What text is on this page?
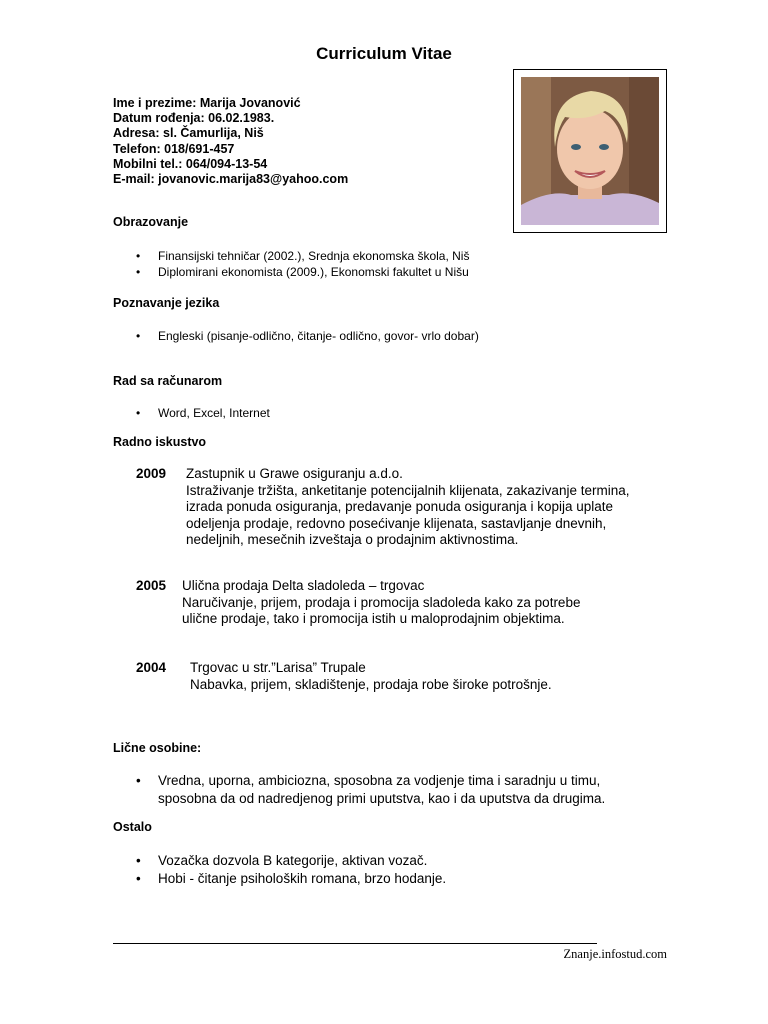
Curriculum Vitae
Ime i prezime: Marija Jovanović
Datum rođenja: 06.02.1983.
Adresa: sl. Čamurlija, Niš
Telefon: 018/691-457
Mobilni tel.: 064/094-13-54
E-mail: jovanovic.marija83@yahoo.com
Obrazovanje
• Finansijski tehničar (2002.), Srednja ekonomska škola, Niš
• Diplomirani ekonomista (2009.), Ekonomski fakultet u Nišu
Poznavanje jezika
• Engleski (pisanje-odlično, čitanje- odlično, govor- vrlo dobar)
Rad sa računarom
• Word, Excel, Internet
Radno iskustvo
2009 Zastupnik u Grawe osiguranju a.d.o.
Istraživanje tržišta, anketitanje potencijalnih klijenata, zakazivanje termina,
izrada ponuda osiguranja, predavanje ponuda osiguranja i kopija uplate
odeljenja prodaje, redovno posećivanje klijenata, sastavljanje dnevnih,
nedeljnih, mesečnih izveštaja o prodajnim aktivnostima.
2005 Ulična prodaja Delta sladoleda – trgovac
Naručivanje, prijem, prodaja i promocija sladoleda kako za potrebe
ulične prodaje, tako i promocija istih u maloprodajnim objektima.
2004 Trgovac u str.”Larisa” Trupale
Nabavka, prijem, skladištenje, prodaja robe široke potrošnje.
Lične osobine:
• Vredna, uporna, ambiciozna, sposobna za vodjenje tima i saradnju u timu,
sposobna da od nadredjenog primi uputstva, kao i da uputstva da drugima.
Ostalo
• Vozačka dozvola B kategorije, aktivan vozač.
• Hobi - čitanje psiholoških romana, brzo hodanje.
Znanje.infostud.com
